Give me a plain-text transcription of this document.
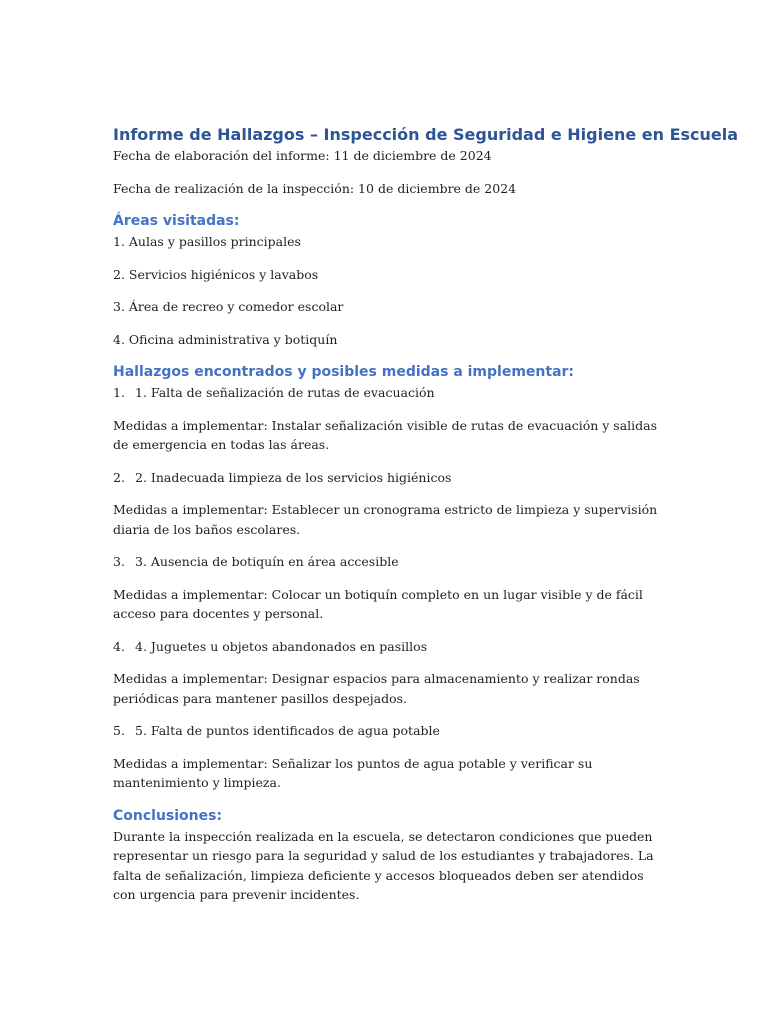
Informe de Hallazgos – Inspección de Seguridad e Higiene en Escuela

Fecha de elaboración del informe: 11 de diciembre de 2024

Fecha de realización de la inspección: 10 de diciembre de 2024

Áreas visitadas:

1. Aulas y pasillos principales

2. Servicios higiénicos y lavabos

3. Área de recreo y comedor escolar

4. Oficina administrativa y botiquín

Hallazgos encontrados y posibles medidas a implementar:
1. 1. Falta de señalización de rutas de evacuación

Medidas a implementar: Instalar señalización visible de rutas de evacuación y salidas de emergencia en todas las áreas.

2. 2. Inadecuada limpieza de los servicios higiénicos

Medidas a implementar: Establecer un cronograma estricto de limpieza y supervisión diaria de los baños escolares.

3. 3. Ausencia de botiquín en área accesible

Medidas a implementar: Colocar un botiquín completo en un lugar visible y de fácil acceso para docentes y personal.

4. 4. Juguetes u objetos abandonados en pasillos

Medidas a implementar: Designar espacios para almacenamiento y realizar rondas periódicas para mantener pasillos despejados.

5. 5. Falta de puntos identificados de agua potable

Medidas a implementar: Señalizar los puntos de agua potable y verificar su mantenimiento y limpieza.

Conclusiones:

Durante la inspección realizada en la escuela, se detectaron condiciones que pueden representar un riesgo para la seguridad y salud de los estudiantes y trabajadores. La falta de señalización, limpieza deficiente y accesos bloqueados deben ser atendidos con urgencia para prevenir incidentes.
